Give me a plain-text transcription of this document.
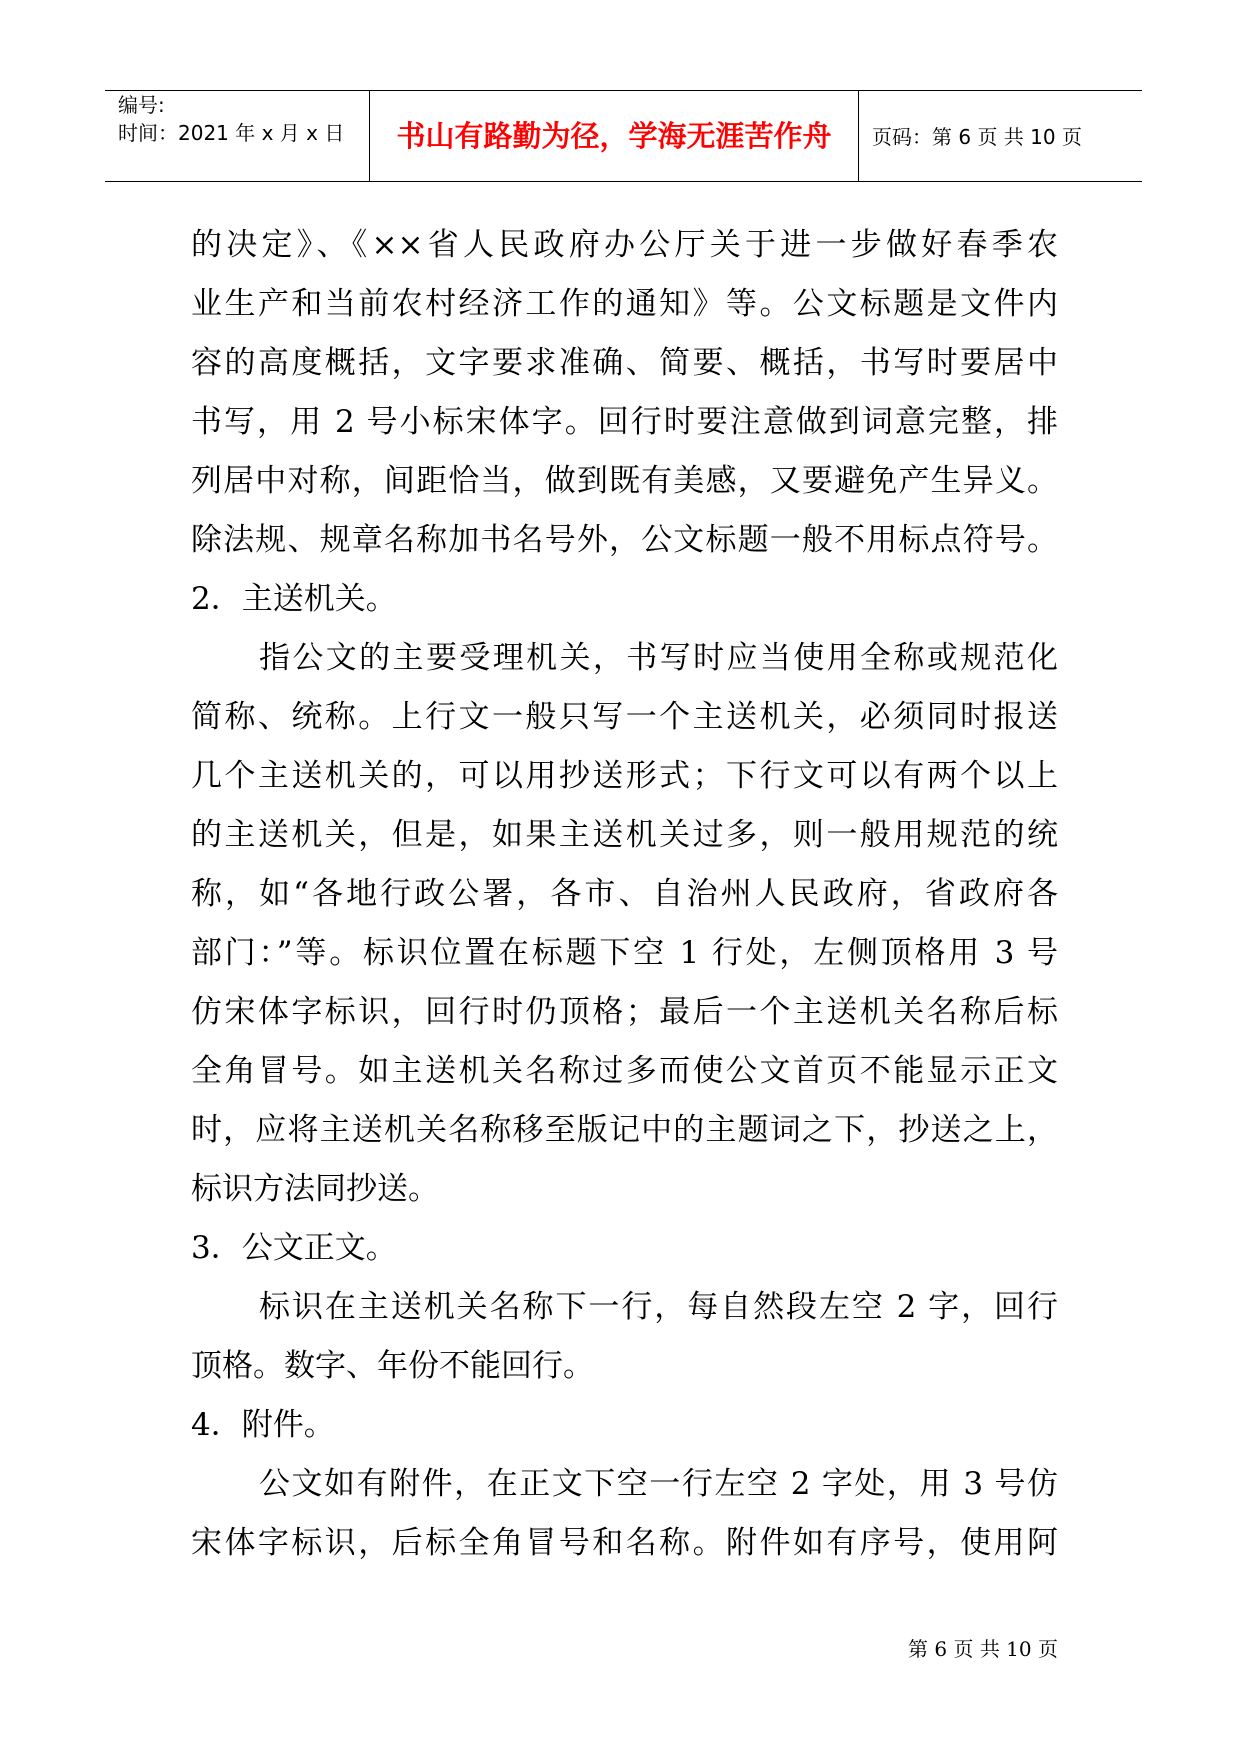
编号:
时间：2021 年 x 月 x 日	书山有路勤为径，学海无涯苦作舟	页码：第 6 页 共 10 页
的决定》、《××省人民政府办公厅关于进一步做好春季农
业生产和当前农村经济工作的通知》等。公文标题是文件内
容的高度概括，文字要求准确、简要、概括，书写时要居中
书写，用 2 号小标宋体字。回行时要注意做到词意完整，排
列居中对称，间距恰当，做到既有美感，又要避免产生异义。
除法规、规章名称加书名号外，公文标题一般不用标点符号。
2．主送机关。
指公文的主要受理机关，书写时应当使用全称或规范化
简称、统称。上行文一般只写一个主送机关，必须同时报送
几个主送机关的，可以用抄送形式；下行文可以有两个以上
的主送机关，但是，如果主送机关过多，则一般用规范的统
称，如“各地行政公署，各市、自治州人民政府，省政府各
部门：”等。标识位置在标题下空 1 行处，左侧顶格用 3 号
仿宋体字标识，回行时仍顶格；最后一个主送机关名称后标
全角冒号。如主送机关名称过多而使公文首页不能显示正文
时，应将主送机关名称移至版记中的主题词之下，抄送之上，
标识方法同抄送。
3．公文正文。
标识在主送机关名称下一行，每自然段左空 2 字，回行
顶格。数字、年份不能回行。
4．附件。
公文如有附件，在正文下空一行左空 2 字处，用 3 号仿
宋体字标识，后标全角冒号和名称。附件如有序号，使用阿
第 6 页 共 10 页
